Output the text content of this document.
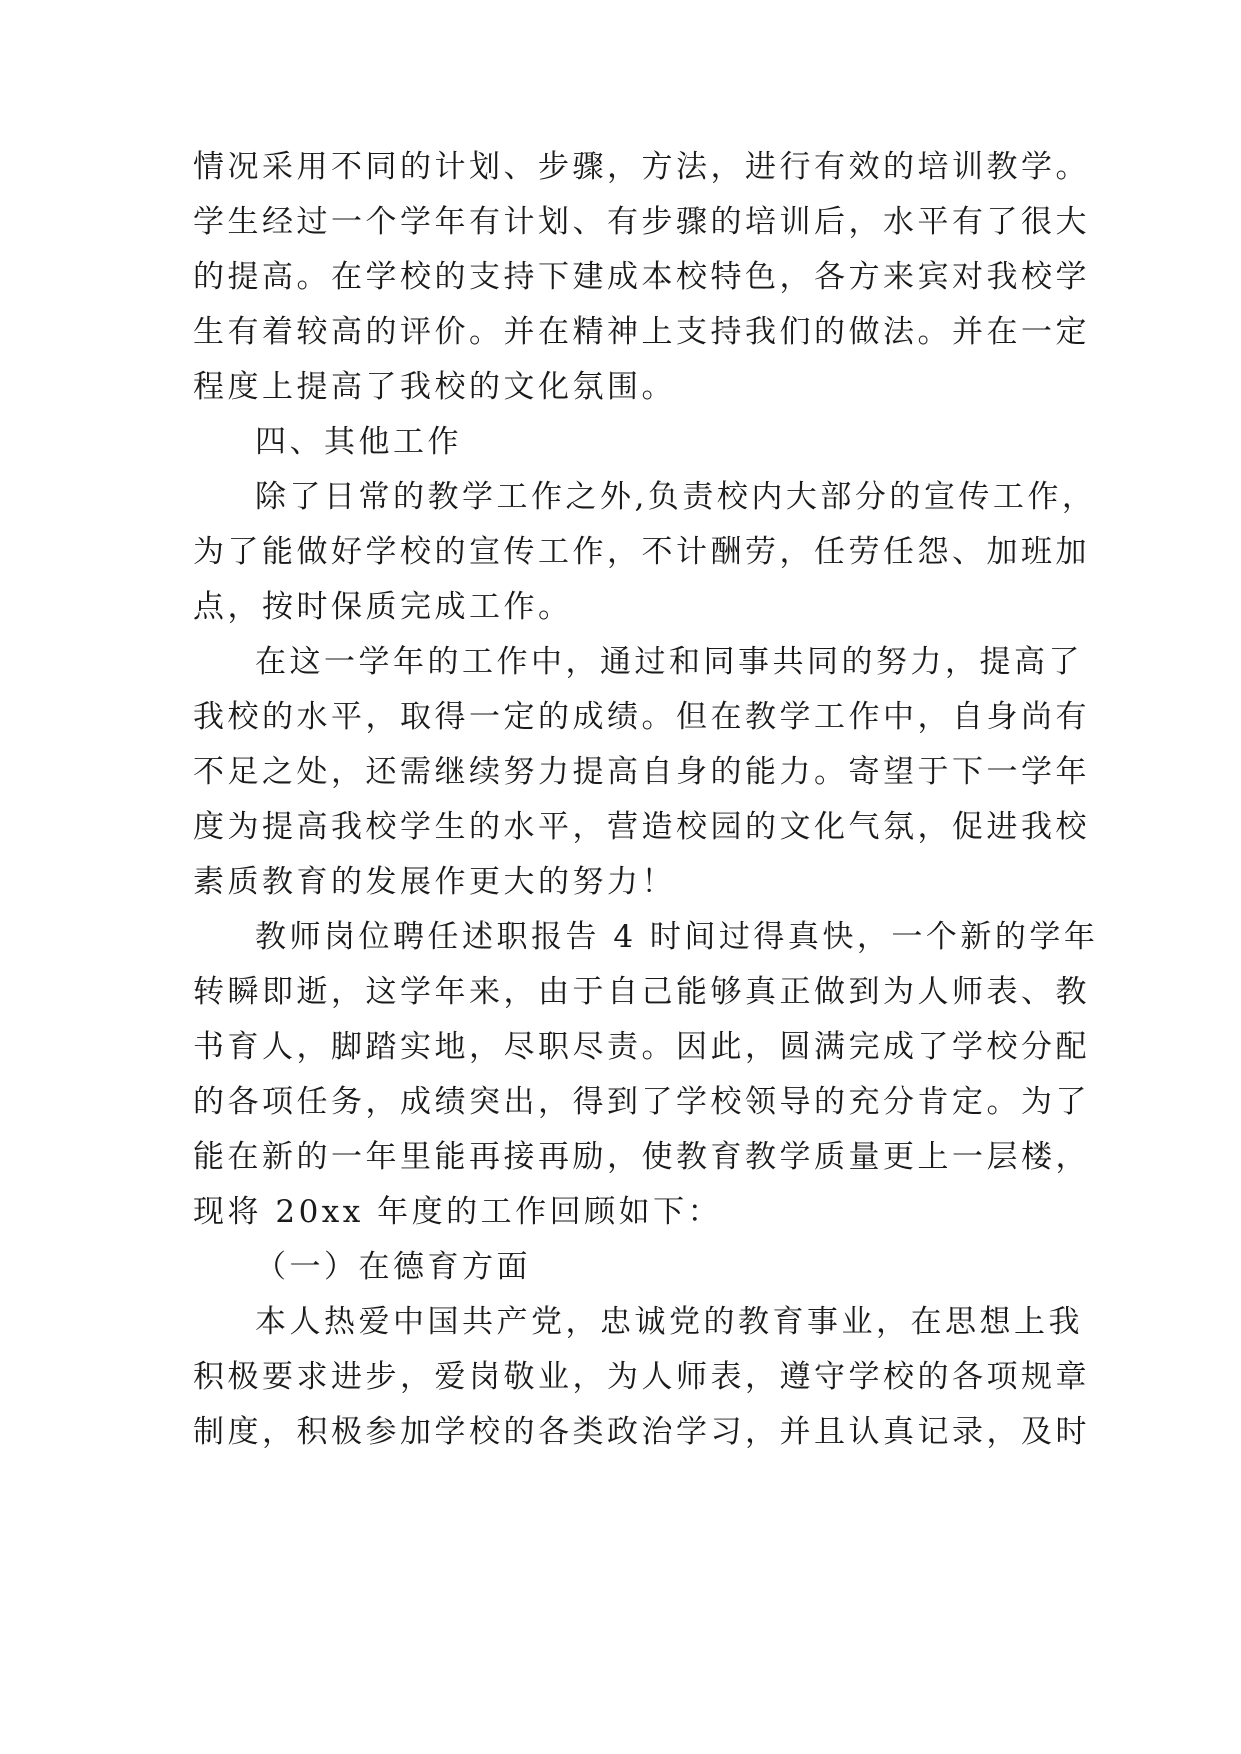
情况采用不同的计划、步骤，方法，进行有效的培训教学。
学生经过一个学年有计划、有步骤的培训后，水平有了很大
的提高。在学校的支持下建成本校特色，各方来宾对我校学
生有着较高的评价。并在精神上支持我们的做法。并在一定
程度上提高了我校的文化氛围。
四、其他工作
除了日常的教学工作之外,负责校内大部分的宣传工作，
为了能做好学校的宣传工作，不计酬劳，任劳任怨、加班加
点，按时保质完成工作。
在这一学年的工作中，通过和同事共同的努力，提高了
我校的水平，取得一定的成绩。但在教学工作中，自身尚有
不足之处，还需继续努力提高自身的能力。寄望于下一学年
度为提高我校学生的水平，营造校园的文化气氛，促进我校
素质教育的发展作更大的努力！
教师岗位聘任述职报告 4 时间过得真快，一个新的学年
转瞬即逝，这学年来，由于自己能够真正做到为人师表、教
书育人，脚踏实地，尽职尽责。因此，圆满完成了学校分配
的各项任务，成绩突出，得到了学校领导的充分肯定。为了
能在新的一年里能再接再励，使教育教学质量更上一层楼，
现将 20xx 年度的工作回顾如下：
（一）在德育方面
本人热爱中国共产党，忠诚党的教育事业，在思想上我
积极要求进步，爱岗敬业，为人师表，遵守学校的各项规章
制度，积极参加学校的各类政治学习，并且认真记录，及时
